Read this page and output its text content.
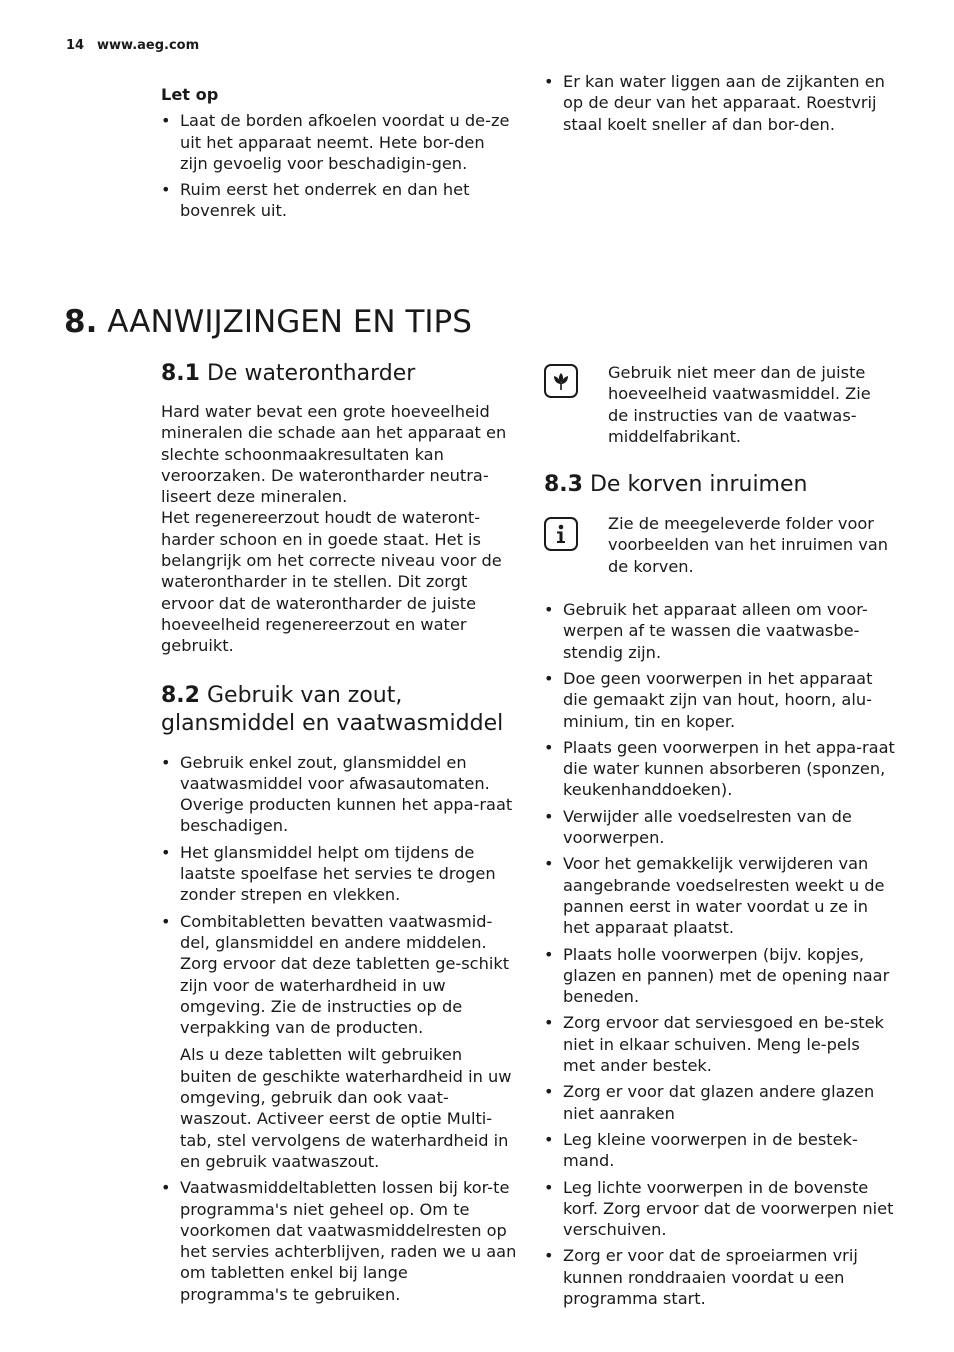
14 www.aeg.com
Let op
• Laat de borden afkoelen voordat u de-ze uit het apparaat neemt. Hete bor-den zijn gevoelig voor beschadigin-gen.
• Ruim eerst het onderrek en dan het bovenrek uit.
• Er kan water liggen aan de zijkanten en op de deur van het apparaat. Roestvrij staal koelt sneller af dan bor-den.
8. AANWIJZINGEN EN TIPS
8.1 De waterontharder

Hard water bevat een grote hoeveelheid mineralen die schade aan het apparaat en slechte schoonmaakresultaten kan veroorzaken. De waterontharder neutra-liseert deze mineralen.

Het regenereerzout houdt de wateront-harder schoon en in goede staat. Het is belangrijk om het correcte niveau voor de waterontharder in te stellen. Dit zorgt ervoor dat de waterontharder de juiste hoeveelheid regenereerzout en water gebruikt.

8.2 Gebruik van zout,
glansmiddel en vaatwasmiddel
• Gebruik enkel zout, glansmiddel en vaatwasmiddel voor afwasautomaten. Overige producten kunnen het appa-raat beschadigen.
• Het glansmiddel helpt om tijdens de laatste spoelfase het servies te drogen zonder strepen en vlekken.
• Combitabletten bevatten vaatwasmid-del, glansmiddel en andere middelen. Zorg ervoor dat deze tabletten ge-schikt zijn voor de waterhardheid in uw omgeving. Zie de instructies op de verpakking van de producten.
Als u deze tabletten wilt gebruiken buiten de geschikte waterhardheid in uw omgeving, gebruik dan ook vaat-waszout. Activeer eerst de optie Multi-tab, stel vervolgens de waterhardheid in en gebruik vaatwaszout.
• Vaatwasmiddeltabletten lossen bij kor-te programma's niet geheel op. Om te voorkomen dat vaatwasmiddelresten op het servies achterblijven, raden we u aan om tabletten enkel bij lange programma's te gebruiken.
Gebruik niet meer dan de juiste hoeveelheid vaatwasmiddel. Zie de instructies van de vaatwas-middelfabrikant.
8.3 De korven inruimen
Zie de meegeleverde folder voor voorbeelden van het inruimen van de korven.
• Gebruik het apparaat alleen om voor-werpen af te wassen die vaatwasbe-stendig zijn.
• Doe geen voorwerpen in het apparaat die gemaakt zijn van hout, hoorn, alu-minium, tin en koper.
• Plaats geen voorwerpen in het appa-raat die water kunnen absorberen (sponzen, keukenhanddoeken).
• Verwijder alle voedselresten van de voorwerpen.
• Voor het gemakkelijk verwijderen van aangebrande voedselresten weekt u de pannen eerst in water voordat u ze in het apparaat plaatst.
• Plaats holle voorwerpen (bijv. kopjes, glazen en pannen) met de opening naar beneden.
• Zorg ervoor dat serviesgoed en be-stek niet in elkaar schuiven. Meng le-pels met ander bestek.
• Zorg er voor dat glazen andere glazen niet aanraken
• Leg kleine voorwerpen in de bestek-mand.
• Leg lichte voorwerpen in de bovenste korf. Zorg ervoor dat de voorwerpen niet verschuiven.
• Zorg er voor dat de sproeiarmen vrij kunnen ronddraaien voordat u een programma start.
